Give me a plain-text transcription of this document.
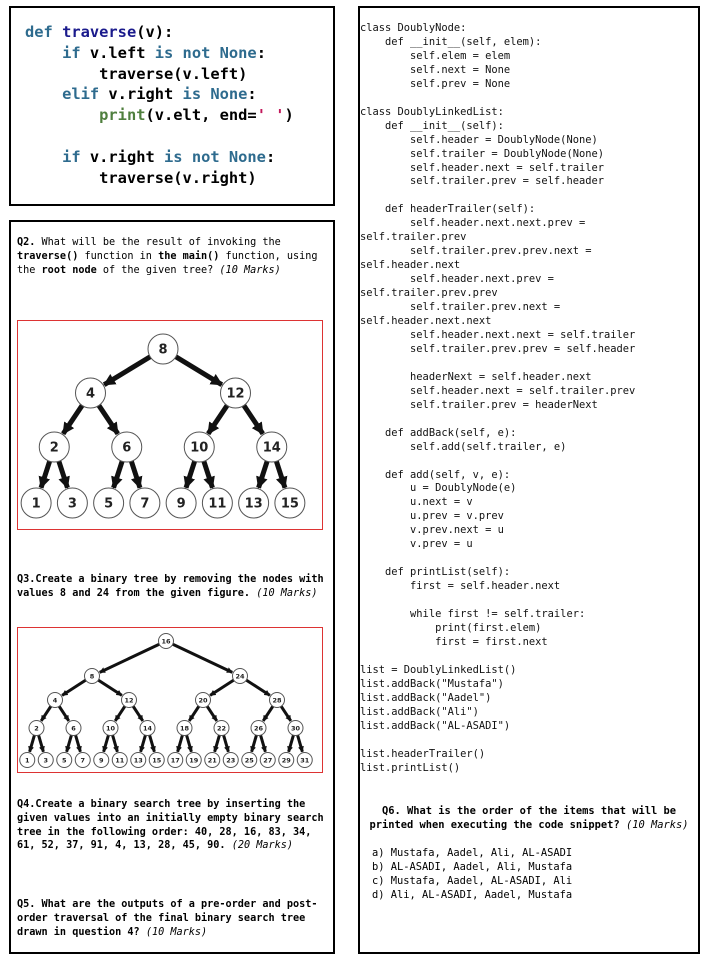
def traverse(v):
if v.left is not None:
traverse(v.left)
elif v.right is None:
print(v.elt, end=' ')

if v.right is not None:
traverse(v.right)
Q2. What will be the result of invoking the traverse() function in the main() function, using the root node of the given tree? (10 Marks)
8
4	12
2	6	10	14
1 3 5 7 9 11 13 15
Q3.Create a binary tree by removing the nodes with values 8 and 24 from the given figure. (10 Marks)
16
8	24
4	12	20	28
2	6	10	14	18	22	26	30
1 3 5 7 9 11 13 15 17 19 21 23 25 27 29 31
Q4.Create a binary search tree by inserting the given values into an initially empty binary search tree in the following order: 40, 28, 16, 83, 34, 61, 52, 37, 91, 4, 13, 28, 45, 90. (20 Marks)
Q5. What are the outputs of a pre-order and post-order traversal of the final binary search tree drawn in question 4? (10 Marks)
class DoublyNode:
def __init__(self, elem):
self.elem = elem
self.next = None
self.prev = None

class DoublyLinkedList:
def __init__(self):
self.header = DoublyNode(None)
self.trailer = DoublyNode(None)
self.header.next = self.trailer
self.trailer.prev = self.header

def headerTrailer(self):
self.header.next.next.prev =
self.trailer.prev
self.trailer.prev.prev.next =
self.header.next
self.header.next.prev =
self.trailer.prev.prev
self.trailer.prev.next =
self.header.next.next
self.header.next.next = self.trailer
self.trailer.prev.prev = self.header

headerNext = self.header.next
self.header.next = self.trailer.prev
self.trailer.prev = headerNext

def addBack(self, e):
self.add(self.trailer, e)

def add(self, v, e):
u = DoublyNode(e)
u.next = v
u.prev = v.prev
v.prev.next = u
v.prev = u

def printList(self):
first = self.header.next

while first != self.trailer:
print(first.elem)
first = first.next

list = DoublyLinkedList()
list.addBack("Mustafa")
list.addBack("Aadel")
list.addBack("Ali")
list.addBack("AL-ASADI")

list.headerTrailer()
list.printList()
Q6. What is the order of the items that will be printed when executing the code snippet? (10 Marks)
a) Mustafa, Aadel, Ali, AL-ASADI
b) AL-ASADI, Aadel, Ali, Mustafa
c) Mustafa, Aadel, AL-ASADI, Ali
d) Ali, AL-ASADI, Aadel, Mustafa
